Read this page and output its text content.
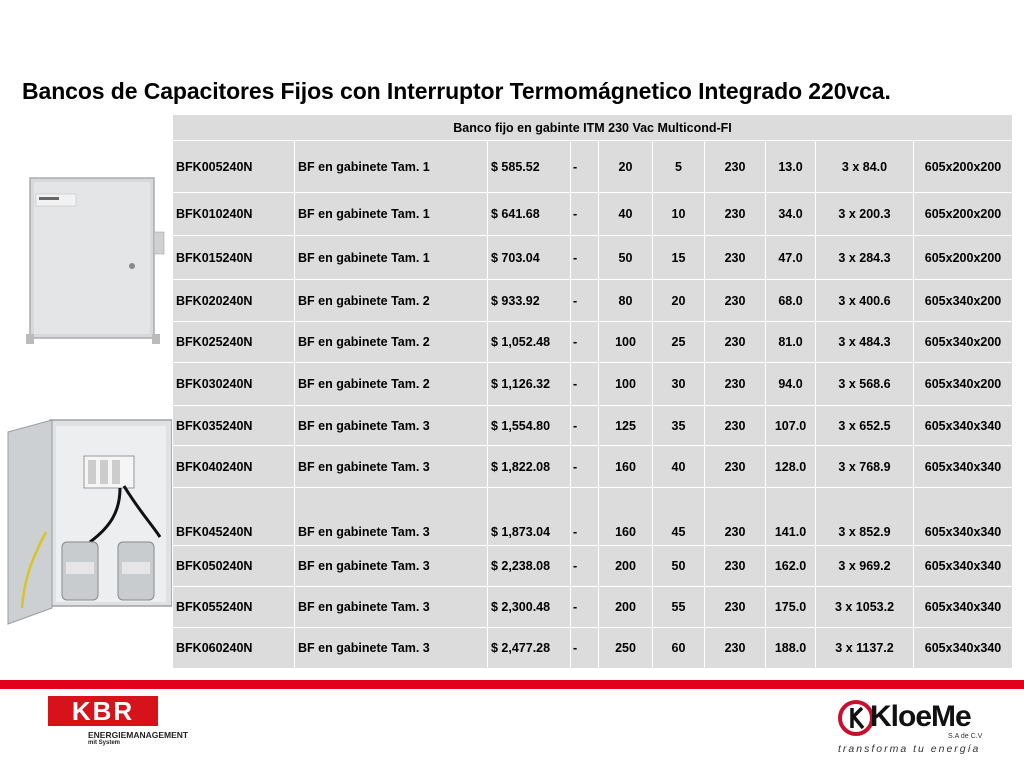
Bancos de Capacitores Fijos con Interruptor Termomágnetico Integrado 220vca.
Banco fijo en gabinte ITM 230 Vac Multicond-FI									
BFK005240N	BF en gabinete Tam. 1	$ 585.52	-	20	5	230	13.0	3 x 84.0	605x200x200
BFK010240N	BF en gabinete Tam. 1	$ 641.68	-	40	10	230	34.0	3 x 200.3	605x200x200
BFK015240N	BF en gabinete Tam. 1	$ 703.04	-	50	15	230	47.0	3 x 284.3	605x200x200
BFK020240N	BF en gabinete Tam. 2	$ 933.92	-	80	20	230	68.0	3 x 400.6	605x340x200
BFK025240N	BF en gabinete Tam. 2	$ 1,052.48	-	100	25	230	81.0	3 x 484.3	605x340x200
BFK030240N	BF en gabinete Tam. 2	$ 1,126.32	-	100	30	230	94.0	3 x 568.6	605x340x200
BFK035240N	BF en gabinete Tam. 3	$ 1,554.80	-	125	35	230	107.0	3 x 652.5	605x340x340
BFK040240N	BF en gabinete Tam. 3	$ 1,822.08	-	160	40	230	128.0	3 x 768.9	605x340x340
BFK045240N	BF en gabinete Tam. 3	$ 1,873.04	-	160	45	230	141.0	3 x 852.9	605x340x340
BFK050240N	BF en gabinete Tam. 3	$ 2,238.08	-	200	50	230	162.0	3 x 969.2	605x340x340
BFK055240N	BF en gabinete Tam. 3	$ 2,300.48	-	200	55	230	175.0	3 x 1053.2	605x340x340
BFK060240N	BF en gabinete Tam. 3	$ 2,477.28	-	250	60	230	188.0	3 x 1137.2	605x340x340
KBR
ENERGIEMANAGEMENT
mit System
KloeMe
S.A de C.V
transforma tu energía
